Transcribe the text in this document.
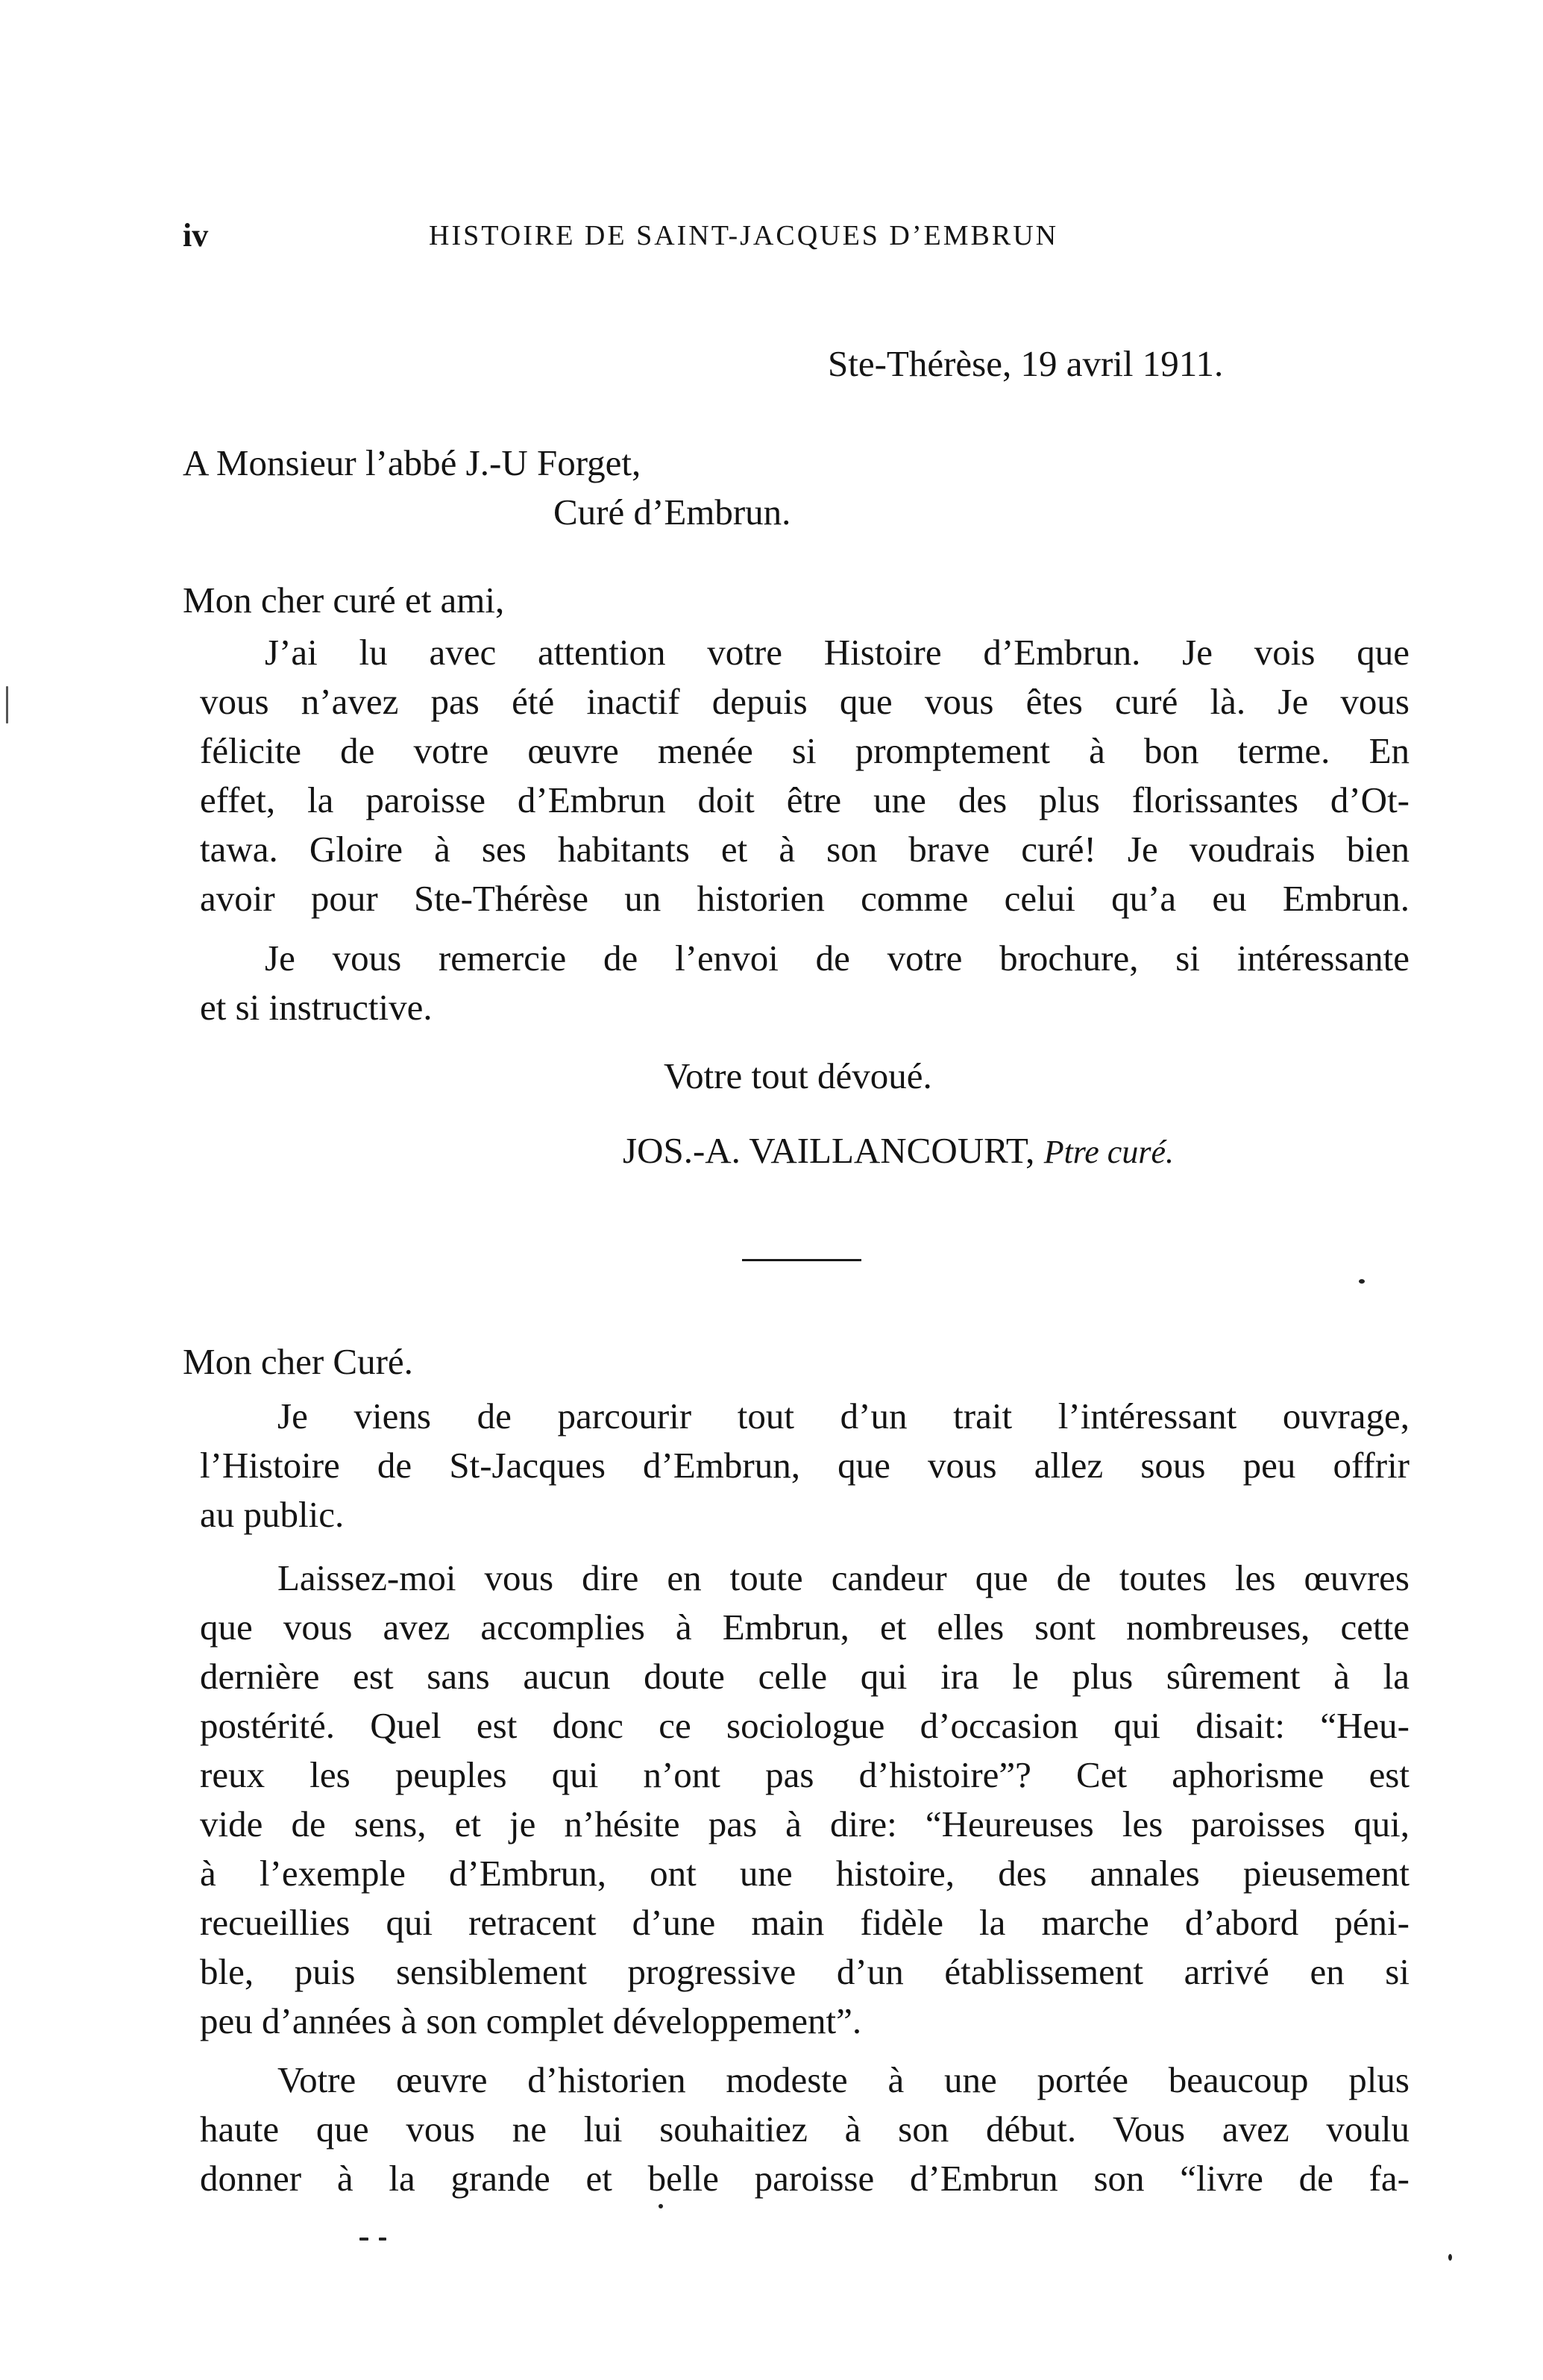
iv	HISTOIRE DE SAINT-JACQUES D’EMBRUN
Ste-Thérèse, 19 avril 1911.
A Monsieur l’abbé J.-U Forget,
Curé d’Embrun.
Mon cher curé et ami,
J’ai lu avec attention votre Histoire d’Embrun. Je vois que
vous n’avez pas été inactif depuis que vous êtes curé là. Je vous
félicite de votre œuvre menée si promptement à bon terme. En
effet, la paroisse d’Embrun doit être une des plus florissantes d’Ot-
tawa. Gloire à ses habitants et à son brave curé! Je voudrais bien
avoir pour Ste-Thérèse un historien comme celui qu’a eu Embrun.
Je vous remercie de l’envoi de votre brochure, si intéressante
et si instructive.
Votre tout dévoué.
JOS.-A. VAILLANCOURT, Ptre curé.
Mon cher Curé.
Je viens de parcourir tout d’un trait l’intéressant ouvrage,
l’Histoire de St-Jacques d’Embrun, que vous allez sous peu offrir
au public.
Laissez-moi vous dire en toute candeur que de toutes les œuvres
que vous avez accomplies à Embrun, et elles sont nombreuses, cette
dernière est sans aucun doute celle qui ira le plus sûrement à la
postérité. Quel est donc ce sociologue d’occasion qui disait: “Heu-
reux les peuples qui n’ont pas d’histoire”? Cet aphorisme est
vide de sens, et je n’hésite pas à dire: “Heureuses les paroisses qui,
à l’exemple d’Embrun, ont une histoire, des annales pieusement
recueillies qui retracent d’une main fidèle la marche d’abord péni-
ble, puis sensiblement progressive d’un établissement arrivé en si
peu d’années à son complet développement”.
Votre œuvre d’historien modeste à une portée beaucoup plus
haute que vous ne lui souhaitiez à son début. Vous avez voulu
donner à la grande et belle paroisse d’Embrun son “livre de fa-
